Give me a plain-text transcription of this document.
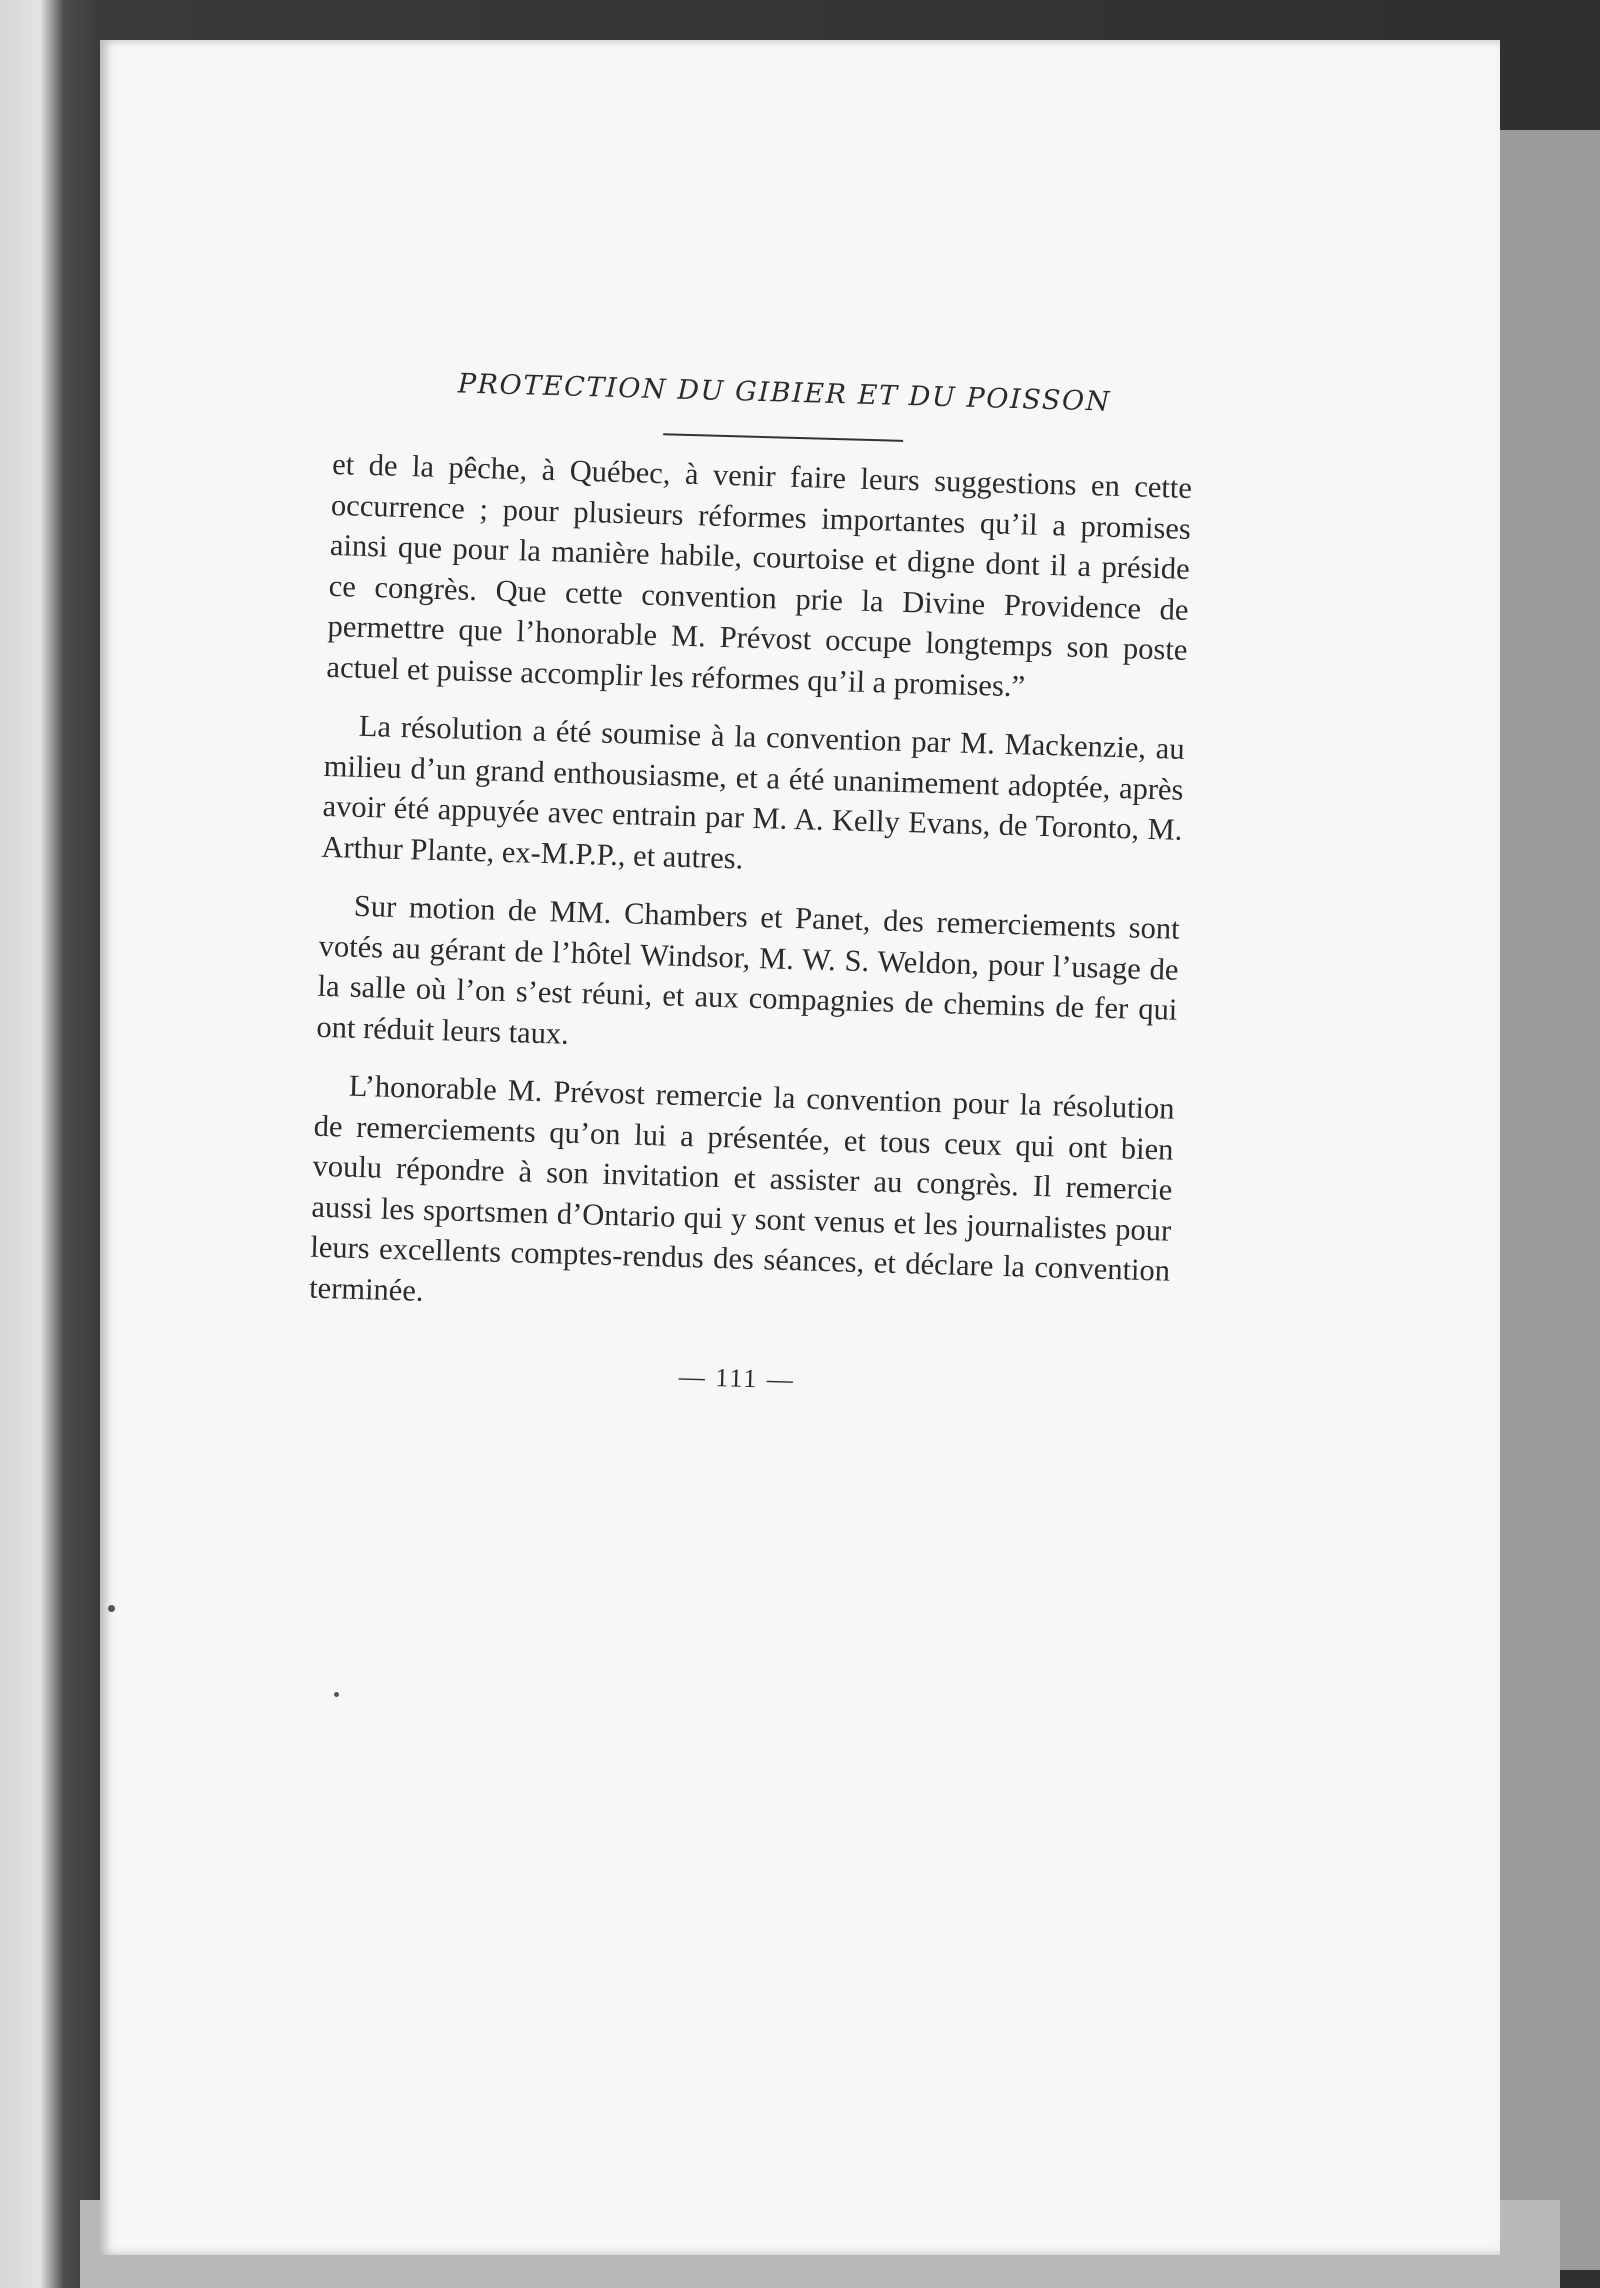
PROTECTION DU GIBIER ET DU POISSON

et de la pêche, à Québec, à venir faire leurs suggestions en cette occurrence ; pour plusieurs réformes importantes qu’il a promises ainsi que pour la manière habile, courtoise et digne dont il a préside ce congrès. Que cette convention prie la Divine Providence de permettre que l’honorable M. Prévost occupe longtemps son poste actuel et puisse accomplir les réformes qu’il a promises.”

La résolution a été soumise à la convention par M. Mackenzie, au milieu d’un grand enthousiasme, et a été unanimement adoptée, après avoir été appuyée avec entrain par M. A. Kelly Evans, de Toronto, M. Arthur Plante, ex-M.P.P., et autres.

Sur motion de MM. Chambers et Panet, des remerciements sont votés au gérant de l’hôtel Windsor, M. W. S. Weldon, pour l’usage de la salle où l’on s’est réuni, et aux compagnies de chemins de fer qui ont réduit leurs taux.

L’honorable M. Prévost remercie la convention pour la résolution de remerciements qu’on lui a présentée, et tous ceux qui ont bien voulu répondre à son invitation et assister au congrès. Il remercie aussi les sportsmen d’Ontario qui y sont venus et les journalistes pour leurs excellents comptes-rendus des séances, et déclare la convention terminée.

— 111 —
